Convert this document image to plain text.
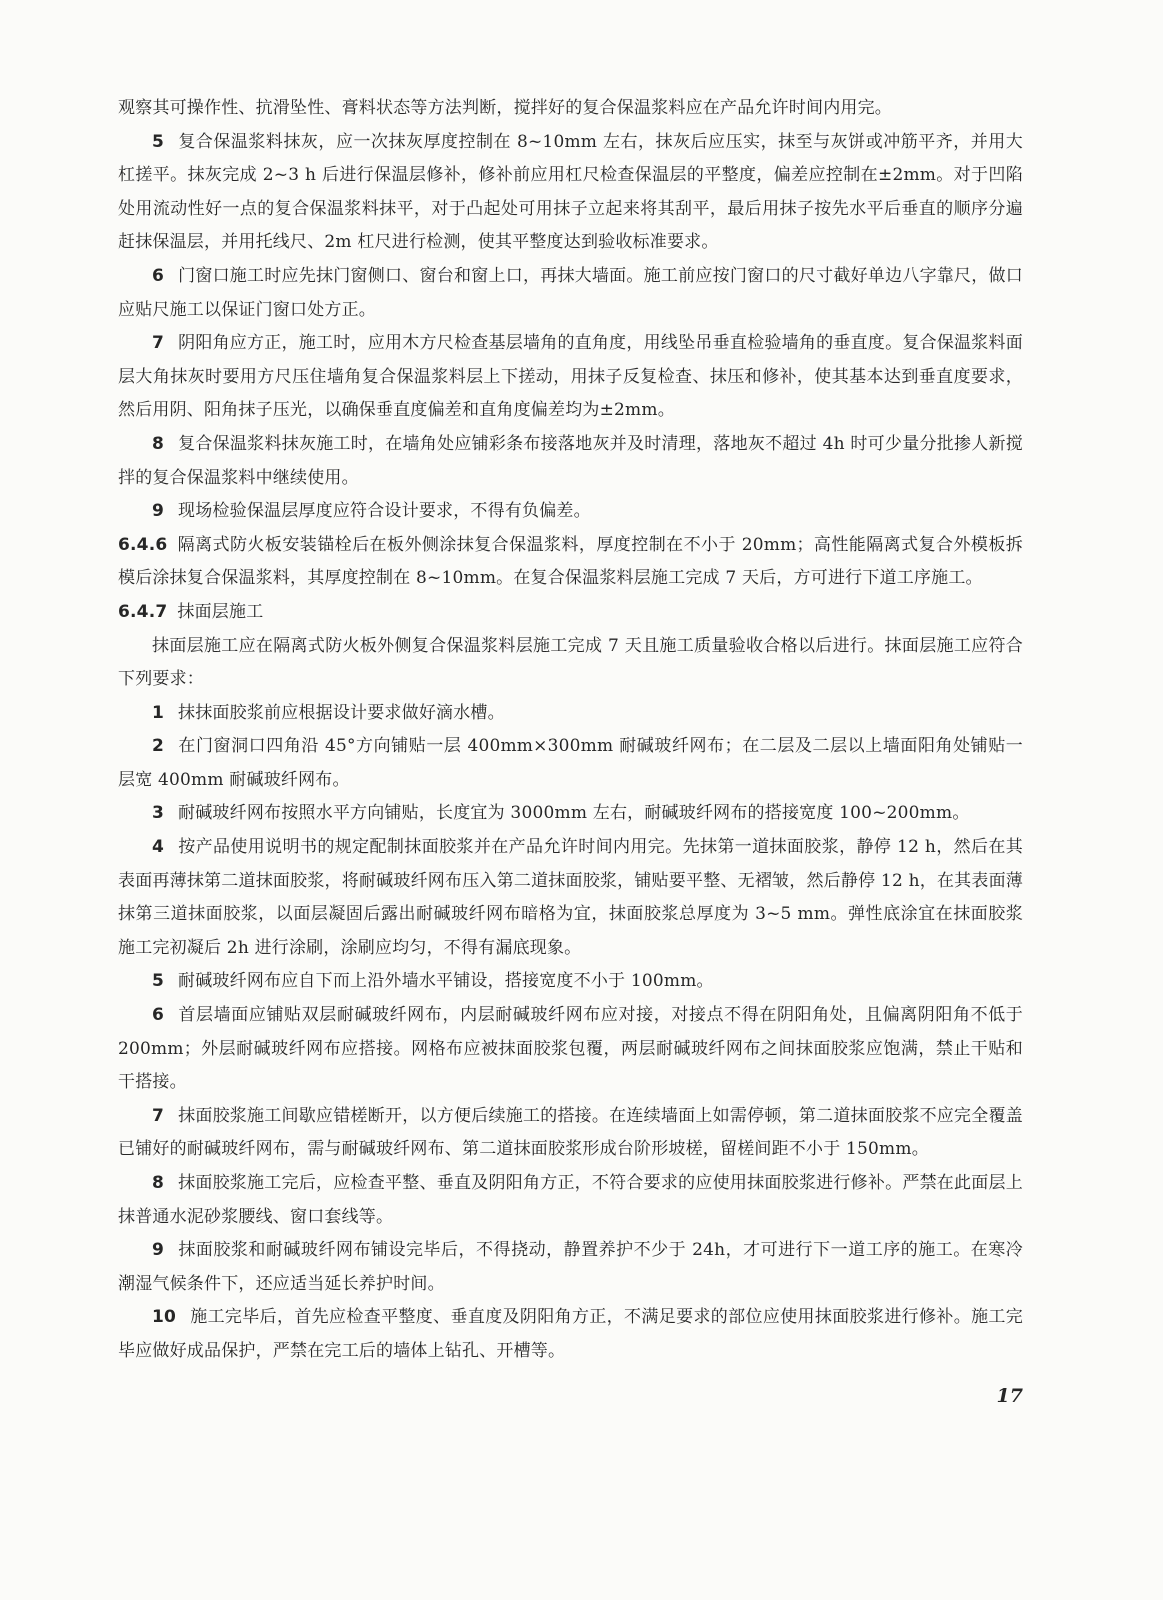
观察其可操作性、抗滑坠性、膏料状态等方法判断，搅拌好的复合保温浆料应在产品允许时间内用完。

5 复合保温浆料抹灰，应一次抹灰厚度控制在 8~10mm 左右，抹灰后应压实，抹至与灰饼或冲筋平齐，并用大杠搓平。抹灰完成 2~3 h 后进行保温层修补，修补前应用杠尺检查保温层的平整度，偏差应控制在±2mm。对于凹陷处用流动性好一点的复合保温浆料抹平，对于凸起处可用抹子立起来将其刮平，最后用抹子按先水平后垂直的顺序分遍赶抹保温层，并用托线尺、2m 杠尺进行检测，使其平整度达到验收标准要求。

6 门窗口施工时应先抹门窗侧口、窗台和窗上口，再抹大墙面。施工前应按门窗口的尺寸截好单边八字靠尺，做口应贴尺施工以保证门窗口处方正。

7 阴阳角应方正，施工时，应用木方尺检查基层墙角的直角度，用线坠吊垂直检验墙角的垂直度。复合保温浆料面层大角抹灰时要用方尺压住墙角复合保温浆料层上下搓动，用抹子反复检查、抹压和修补，使其基本达到垂直度要求，然后用阴、阳角抹子压光，以确保垂直度偏差和直角度偏差均为±2mm。

8 复合保温浆料抹灰施工时，在墙角处应铺彩条布接落地灰并及时清理，落地灰不超过 4h 时可少量分批掺人新搅拌的复合保温浆料中继续使用。

9 现场检验保温层厚度应符合设计要求，不得有负偏差。

6.4.6 隔离式防火板安装锚栓后在板外侧涂抹复合保温浆料，厚度控制在不小于 20mm；高性能隔离式复合外模板拆模后涂抹复合保温浆料，其厚度控制在 8~10mm。在复合保温浆料层施工完成 7 天后，方可进行下道工序施工。

6.4.7 抹面层施工

抹面层施工应在隔离式防火板外侧复合保温浆料层施工完成 7 天且施工质量验收合格以后进行。抹面层施工应符合下列要求：

1 抹抹面胶浆前应根据设计要求做好滴水槽。

2 在门窗洞口四角沿 45°方向铺贴一层 400mm×300mm 耐碱玻纤网布；在二层及二层以上墙面阳角处铺贴一层宽 400mm 耐碱玻纤网布。

3 耐碱玻纤网布按照水平方向铺贴，长度宜为 3000mm 左右，耐碱玻纤网布的搭接宽度 100~200mm。

4 按产品使用说明书的规定配制抹面胶浆并在产品允许时间内用完。先抹第一道抹面胶浆，静停 12 h，然后在其表面再薄抹第二道抹面胶浆，将耐碱玻纤网布压入第二道抹面胶浆，铺贴要平整、无褶皱，然后静停 12 h，在其表面薄抹第三道抹面胶浆，以面层凝固后露出耐碱玻纤网布暗格为宜，抹面胶浆总厚度为 3~5 mm。弹性底涂宜在抹面胶浆施工完初凝后 2h 进行涂刷，涂刷应均匀，不得有漏底现象。

5 耐碱玻纤网布应自下而上沿外墙水平铺设，搭接宽度不小于 100mm。

6 首层墙面应铺贴双层耐碱玻纤网布，内层耐碱玻纤网布应对接，对接点不得在阴阳角处，且偏离阴阳角不低于 200mm；外层耐碱玻纤网布应搭接。网格布应被抹面胶浆包覆，两层耐碱玻纤网布之间抹面胶浆应饱满，禁止干贴和干搭接。

7 抹面胶浆施工间歇应错槎断开，以方便后续施工的搭接。在连续墙面上如需停顿，第二道抹面胶浆不应完全覆盖已铺好的耐碱玻纤网布，需与耐碱玻纤网布、第二道抹面胶浆形成台阶形坡槎，留槎间距不小于 150mm。

8 抹面胶浆施工完后，应检查平整、垂直及阴阳角方正，不符合要求的应使用抹面胶浆进行修补。严禁在此面层上抹普通水泥砂浆腰线、窗口套线等。

9 抹面胶浆和耐碱玻纤网布铺设完毕后，不得挠动，静置养护不少于 24h，才可进行下一道工序的施工。在寒冷潮湿气候条件下，还应适当延长养护时间。

10 施工完毕后，首先应检查平整度、垂直度及阴阳角方正，不满足要求的部位应使用抹面胶浆进行修补。施工完毕应做好成品保护，严禁在完工后的墙体上钻孔、开槽等。

17
